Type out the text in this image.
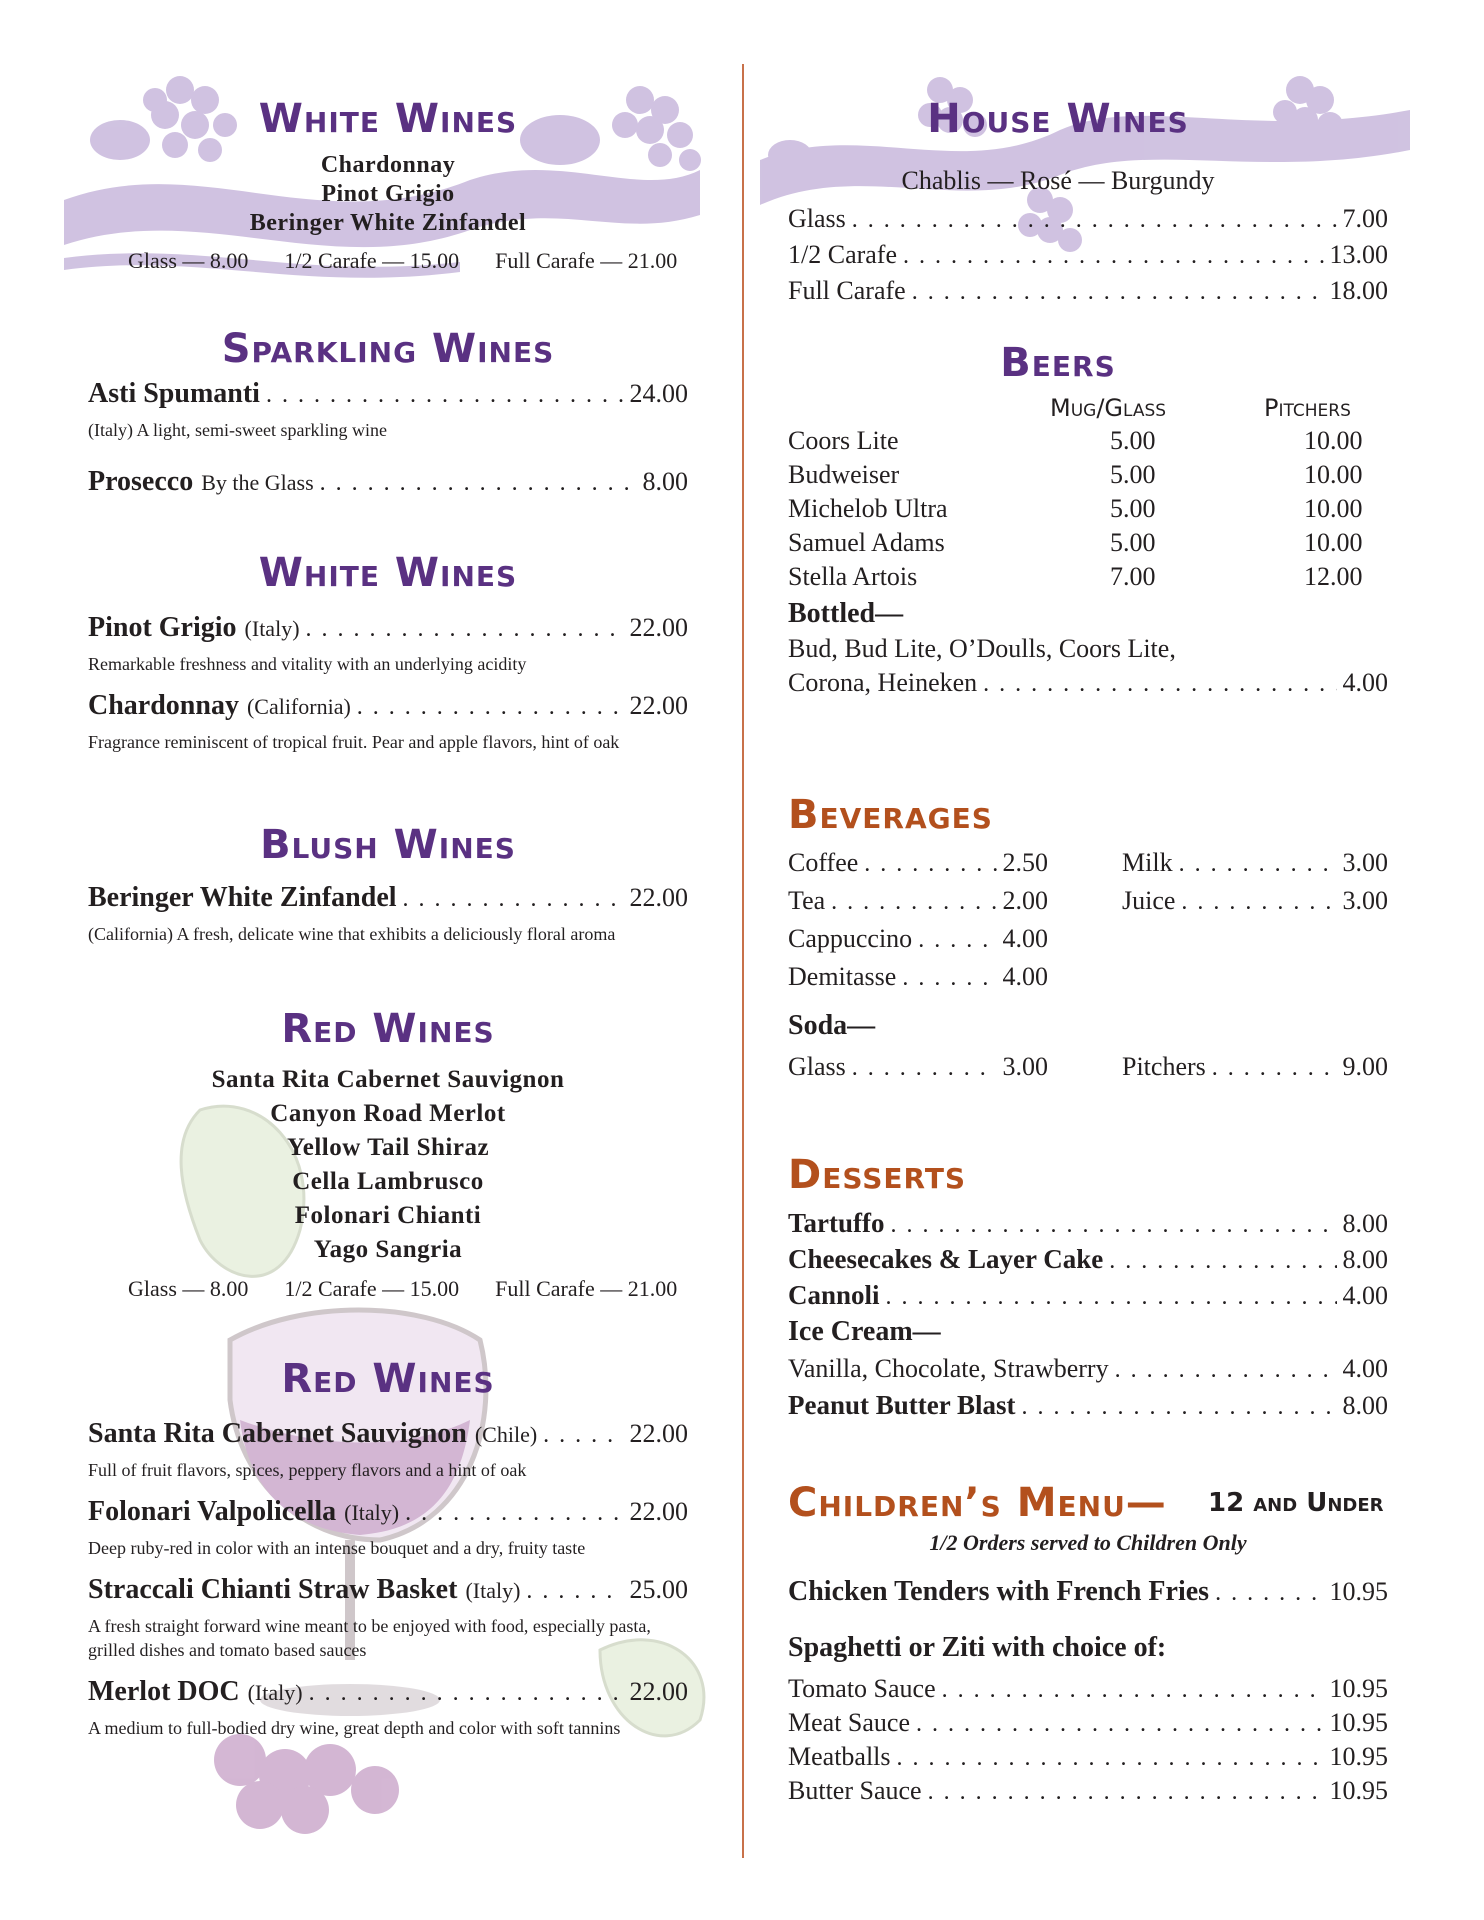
White Wines
Chardonnay
Pinot Grigio
Beringer White Zinfandel
Glass — 8.00 1/2 Carafe — 15.00 Full Carafe — 21.00
Sparkling Wines
Asti Spumanti . . .	24.00
(Italy) A light, semi-sweet sparkling wine
Prosecco By the Glass . . .	8.00
White Wines
Pinot Grigio (Italy) . . .	22.00
Remarkable freshness and vitality with an underlying acidity
Chardonnay (California) . . .	22.00
Fragrance reminiscent of tropical fruit. Pear and apple flavors, hint of oak
Blush Wines
Beringer White Zinfandel . . .	22.00
(California) A fresh, delicate wine that exhibits a deliciously floral aroma
Red Wines
Santa Rita Cabernet Sauvignon
Canyon Road Merlot
Yellow Tail Shiraz
Cella Lambrusco
Folonari Chianti
Yago Sangria
Glass — 8.00 1/2 Carafe — 15.00 Full Carafe — 21.00
Red Wines
Santa Rita Cabernet Sauvignon (Chile) . . .	22.00
Full of fruit flavors, spices, peppery flavors and a hint of oak
Folonari Valpolicella (Italy) . . .	22.00
Deep ruby-red in color with an intense bouquet and a dry, fruity taste
Straccali Chianti Straw Basket (Italy) . . .	25.00
A fresh straight forward wine meant to be enjoyed with food, especially pasta, grilled dishes and tomato based sauces
Merlot DOC (Italy) . . .	22.00
A medium to full-bodied dry wine, great depth and color with soft tannins
House Wines
Chablis — Rosé — Burgundy
Glass . . .	7.00
1/2 Carafe . . .	13.00
Full Carafe . . .	18.00
Beers
Mug/Glass	Pitchers
Coors Lite	5.00	10.00
Budweiser	5.00	10.00
Michelob Ultra	5.00	10.00
Samuel Adams	5.00	10.00
Stella Artois	7.00	12.00
Bottled—
Bud, Bud Lite, O’Doulls, Coors Lite,
Corona, Heineken . . .	4.00
Beverages
Coffee . . .	2.50
Tea . . .	2.00
Cappuccino . . .	4.00
Demitasse . . .	4.00
Milk . . .	3.00
Juice . . .	3.00
Soda—
Glass . . .	3.00	Pitchers . . .	9.00
Desserts
Tartuffo . . .	8.00
Cheesecakes & Layer Cake . . .	8.00
Cannoli . . .	4.00
Ice Cream—
Vanilla, Chocolate, Strawberry . . .	4.00
Peanut Butter Blast . . .	8.00
Children’s Menu— 12 and Under
1/2 Orders served to Children Only
Chicken Tenders with French Fries . . .	10.95
Spaghetti or Ziti with choice of:
Tomato Sauce . . .	10.95
Meat Sauce . . .	10.95
Meatballs . . .	10.95
Butter Sauce . . .	10.95
